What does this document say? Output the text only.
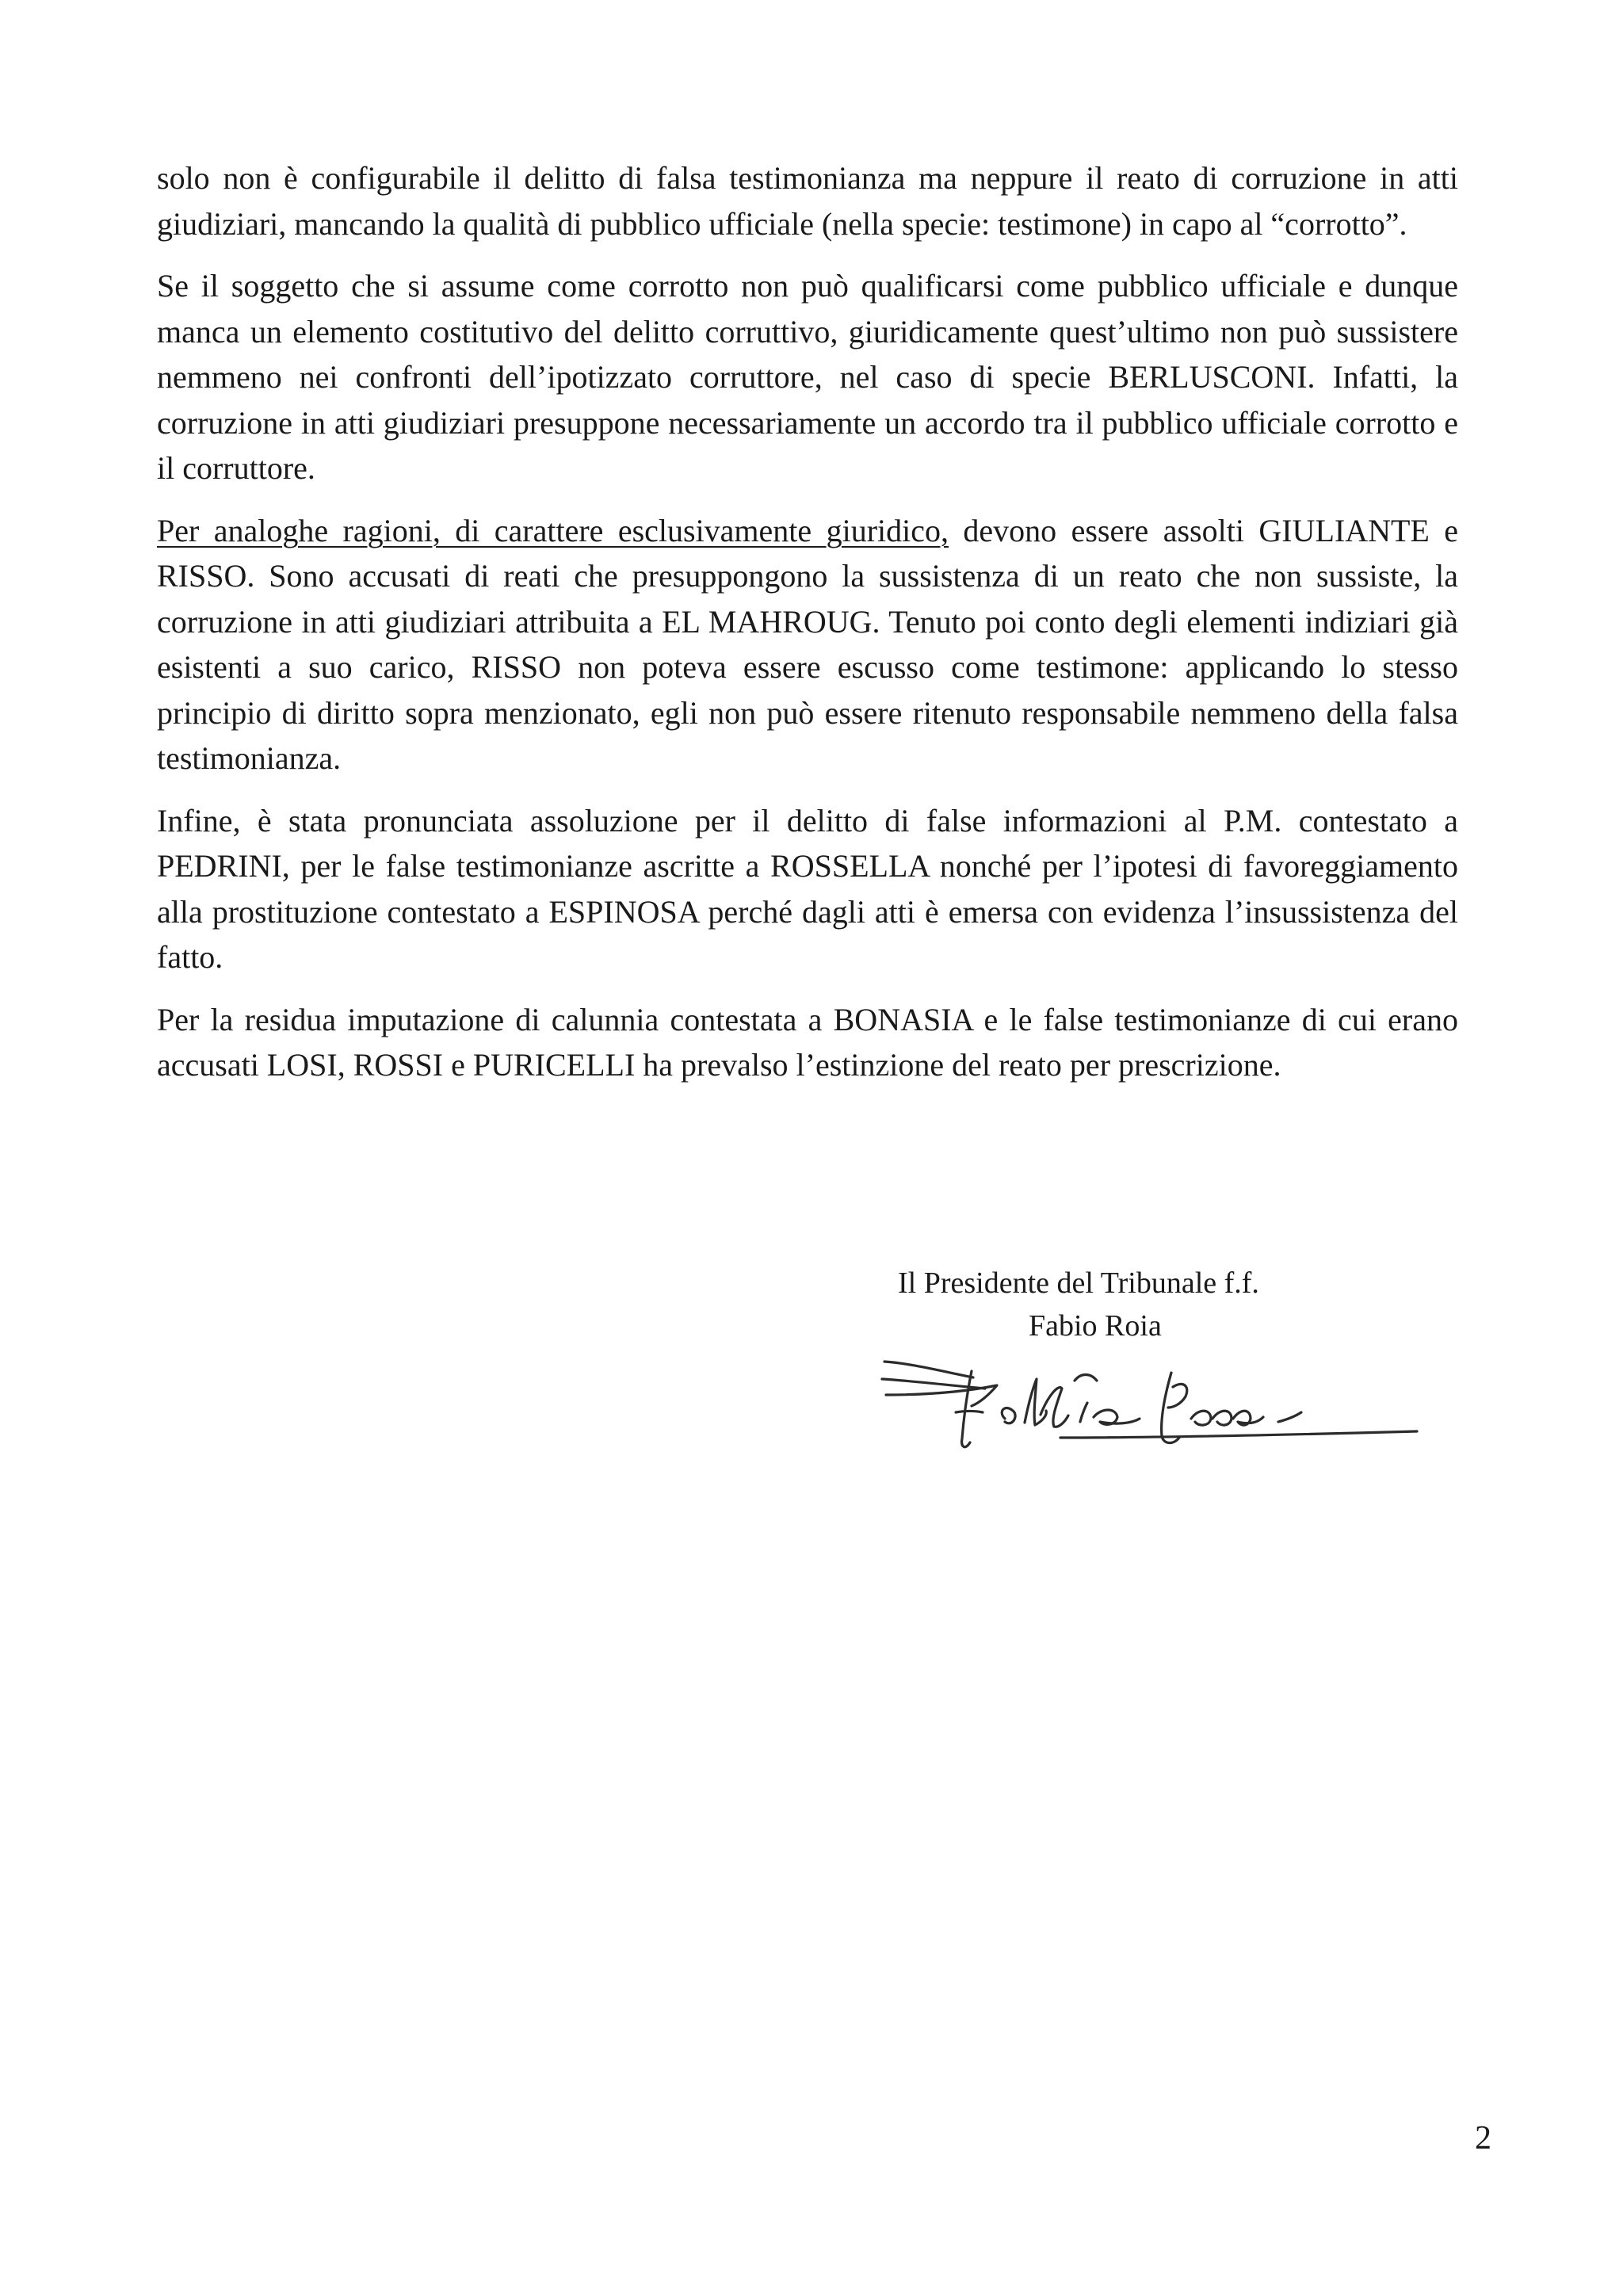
solo non è configurabile il delitto di falsa testimonianza ma neppure il reato di corruzione in atti giudiziari, mancando la qualità di pubblico ufficiale (nella specie: testimone) in capo al “corrotto”.

Se il soggetto che si assume come corrotto non può qualificarsi come pubblico ufficiale e dunque manca un elemento costitutivo del delitto corruttivo, giuridicamente quest’ultimo non può sussistere nemmeno nei confronti dell’ipotizzato corruttore, nel caso di specie BERLUSCONI. Infatti, la corruzione in atti giudiziari presuppone necessariamente un accordo tra il pubblico ufficiale corrotto e il corruttore.

Per analoghe ragioni, di carattere esclusivamente giuridico, devono essere assolti GIULIANTE e RISSO. Sono accusati di reati che presuppongono la sussistenza di un reato che non sussiste, la corruzione in atti giudiziari attribuita a EL MAHROUG. Tenuto poi conto degli elementi indiziari già esistenti a suo carico, RISSO non poteva essere escusso come testimone: applicando lo stesso principio di diritto sopra menzionato, egli non può essere ritenuto responsabile nemmeno della falsa testimonianza.

Infine, è stata pronunciata assoluzione per il delitto di false informazioni al P.M. contestato a PEDRINI, per le false testimonianze ascritte a ROSSELLA nonché per l’ipotesi di favoreggiamento alla prostituzione contestato a ESPINOSA perché dagli atti è emersa con evidenza l’insussistenza del fatto.

Per la residua imputazione di calunnia contestata a BONASIA e le false testimonianze di cui erano accusati LOSI, ROSSI e PURICELLI ha prevalso l’estinzione del reato per prescrizione.

Il Presidente del Tribunale f.f.

Fabio Roia

2
